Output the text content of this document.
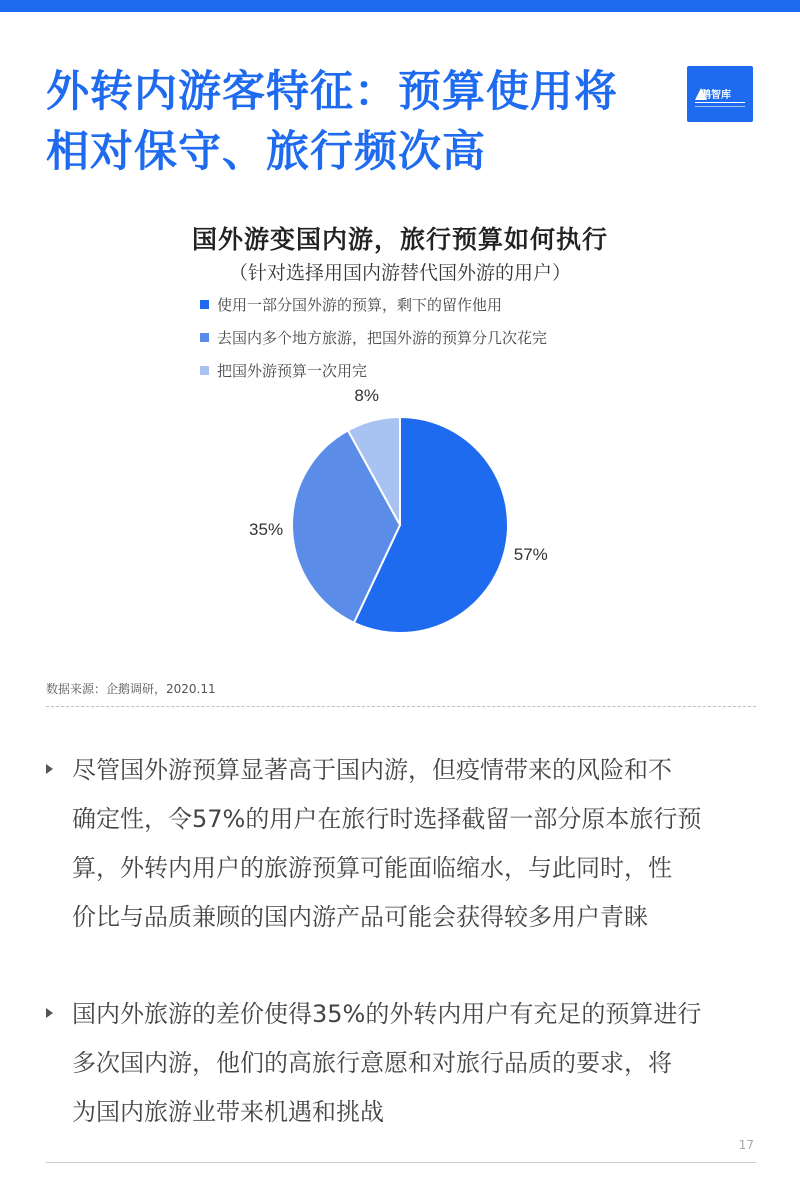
外转内游客特征：预算使用将
相对保守、旅行频次高
鹅智库
国外游变国内游，旅行预算如何执行
（针对选择用国内游替代国外游的用户）
使用一部分国外游的预算，剩下的留作他用
去国内多个地方旅游，把国外游的预算分几次花完
把国外游预算一次用完
57%
35%
8%
数据来源：企鹅调研，2020.11
尽管国外游预算显著高于国内游，但疫情带来的风险和不
确定性，令57%的用户在旅行时选择截留一部分原本旅行预
算，外转内用户的旅游预算可能面临缩水，与此同时，性
价比与品质兼顾的国内游产品可能会获得较多用户青睐
国内外旅游的差价使得35%的外转内用户有充足的预算进行
多次国内游，他们的高旅行意愿和对旅行品质的要求，将
为国内旅游业带来机遇和挑战
17
